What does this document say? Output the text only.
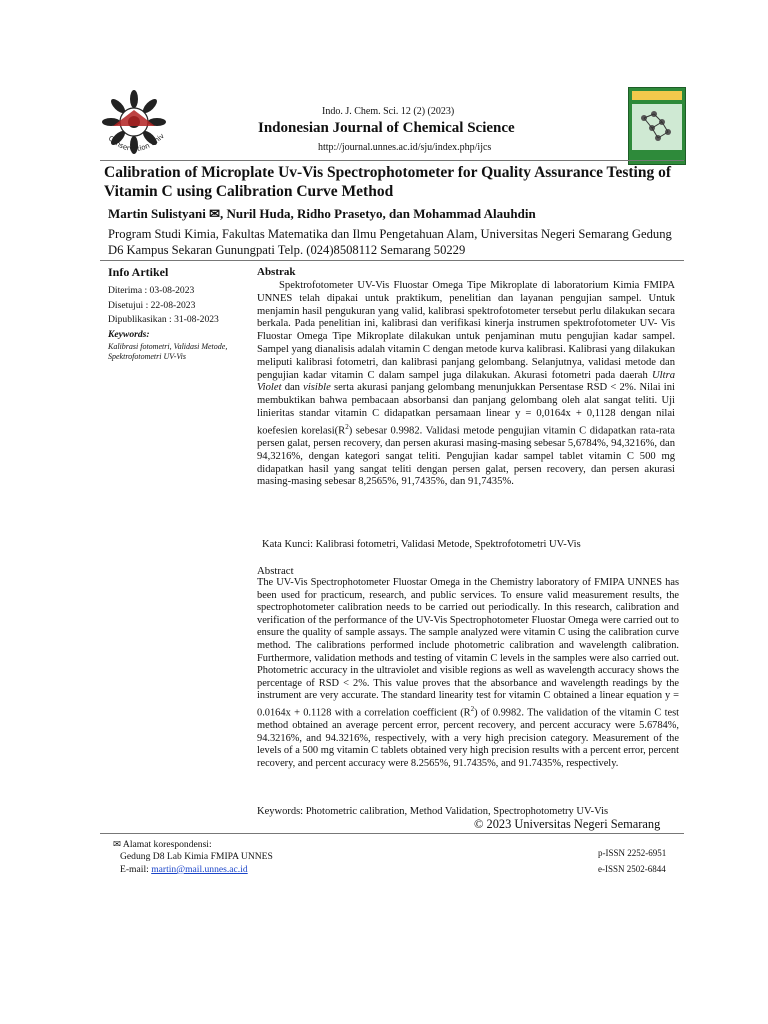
Conservation Univ
Indo. J. Chem. Sci. 12 (2) (2023)
Indonesian Journal of Chemical Science
http://journal.unnes.ac.id/sju/index.php/ijcs
Calibration of Microplate Uv-Vis Spectrophotometer for Quality Assurance Testing of Vitamin C using Calibration Curve Method
Martin Sulistyani ✉, Nuril Huda, Ridho Prasetyo, dan Mohammad Alauhdin
Program Studi Kimia, Fakultas Matematika dan Ilmu Pengetahuan Alam, Universitas Negeri Semarang Gedung D6 Kampus Sekaran Gunungpati Telp. (024)8508112 Semarang 50229
Info Artikel
Diterima : 03-08-2023
Disetujui : 22-08-2023
Dipublikasikan : 31-08-2023
Keywords:
Kalibrasi fotometri, Validasi Metode, Spektrofotometri UV-Vis
Abstrak
Spektrofotometer UV-Vis Fluostar Omega Tipe Mikroplate di laboratorium Kimia FMIPA UNNES telah dipakai untuk praktikum, penelitian dan layanan pengujian sampel. Untuk menjamin hasil pengukuran yang valid, kalibrasi spektrofotometer tersebut perlu dilakukan secara berkala. Pada penelitian ini, kalibrasi dan verifikasi kinerja instrumen spektrofotometer UV- Vis Fluostar Omega Tipe Mikroplate dilakukan untuk penjaminan mutu pengujian kadar sampel. Sampel yang dianalisis adalah vitamin C dengan metode kurva kalibrasi. Kalibrasi yang dilakukan meliputi kalibrasi fotometri, dan kalibrasi panjang gelombang. Selanjutnya, validasi metode dan pengujian kadar vitamin C dalam sampel juga dilakukan. Akurasi fotometri pada daerah Ultra Violet dan visible serta akurasi panjang gelombang menunjukkan Persentase RSD < 2%. Nilai ini membuktikan bahwa pembacaan absorbansi dan panjang gelombang oleh alat sangat teliti. Uji linieritas standar vitamin C didapatkan persamaan linear y = 0,0164x + 0,1128 dengan nilai koefesien $korelasi(R^2)$ sebesar 0.9982. Validasi metode pengujian vitamin C didapatkan rata-rata persen galat, persen recovery, dan persen akurasi masing-masing sebesar 5,6784%, 94,3216%, dan 94,3216%, dengan kategori sangat teliti. Pengujian kadar sampel tablet vitamin C 500 mg didapatkan hasil yang sangat teliti dengan persen galat, persen recovery, dan persen akurasi masing-masing sebesar 8,2565%, 91,7435%, dan 91,7435%.
Kata Kunci: Kalibrasi fotometri, Validasi Metode, Spektrofotometri UV-Vis
Abstract
The UV-Vis Spectrophotometer Fluostar Omega in the Chemistry laboratory of FMIPA UNNES has been used for practicum, research, and public services. To ensure valid measurement results, the spectrophotometer calibration needs to be carried out periodically. In this research, calibration and verification of the performance of the UV-Vis Spectrophotometer Fluostar Omega were carried out to ensure the quality of sample assays. The sample analyzed were vitamin C using the calibration curve method. The calibrations performed include photometric calibration and wavelength calibration. Furthermore, validation methods and testing of vitamin C levels in the samples were also carried out. Photometric accuracy in the ultraviolet and visible regions as well as wavelength accuracy shows the percentage of RSD < 2%. This value proves that the absorbance and wavelength readings by the instrument are very accurate. The standard linearity test for vitamin C obtained a linear equation y = 0.0164x + 0.1128 with a correlation coefficient $(R^2)$ of 0.9982. The validation of the vitamin C test method obtained an average percent error, percent recovery, and percent accuracy were 5.6784%, 94.3216%, and 94.3216%, respectively, with a very high precision category. Measurement of the levels of a 500 mg vitamin C tablets obtained very high precision results with a percent error, percent recovery, and percent accuracy were 8.2565%, 91.7435%, and 91.7435%, respectively.
Keywords: Photometric calibration, Method Validation, Spectrophotometry UV-Vis
© 2023 Universitas Negeri Semarang
✉ Alamat korespondensi:
Gedung D8 Lab Kimia FMIPA UNNES
E-mail: martin@mail.unnes.ac.id
p-ISSN 2252-6951
e-ISSN 2502-6844
